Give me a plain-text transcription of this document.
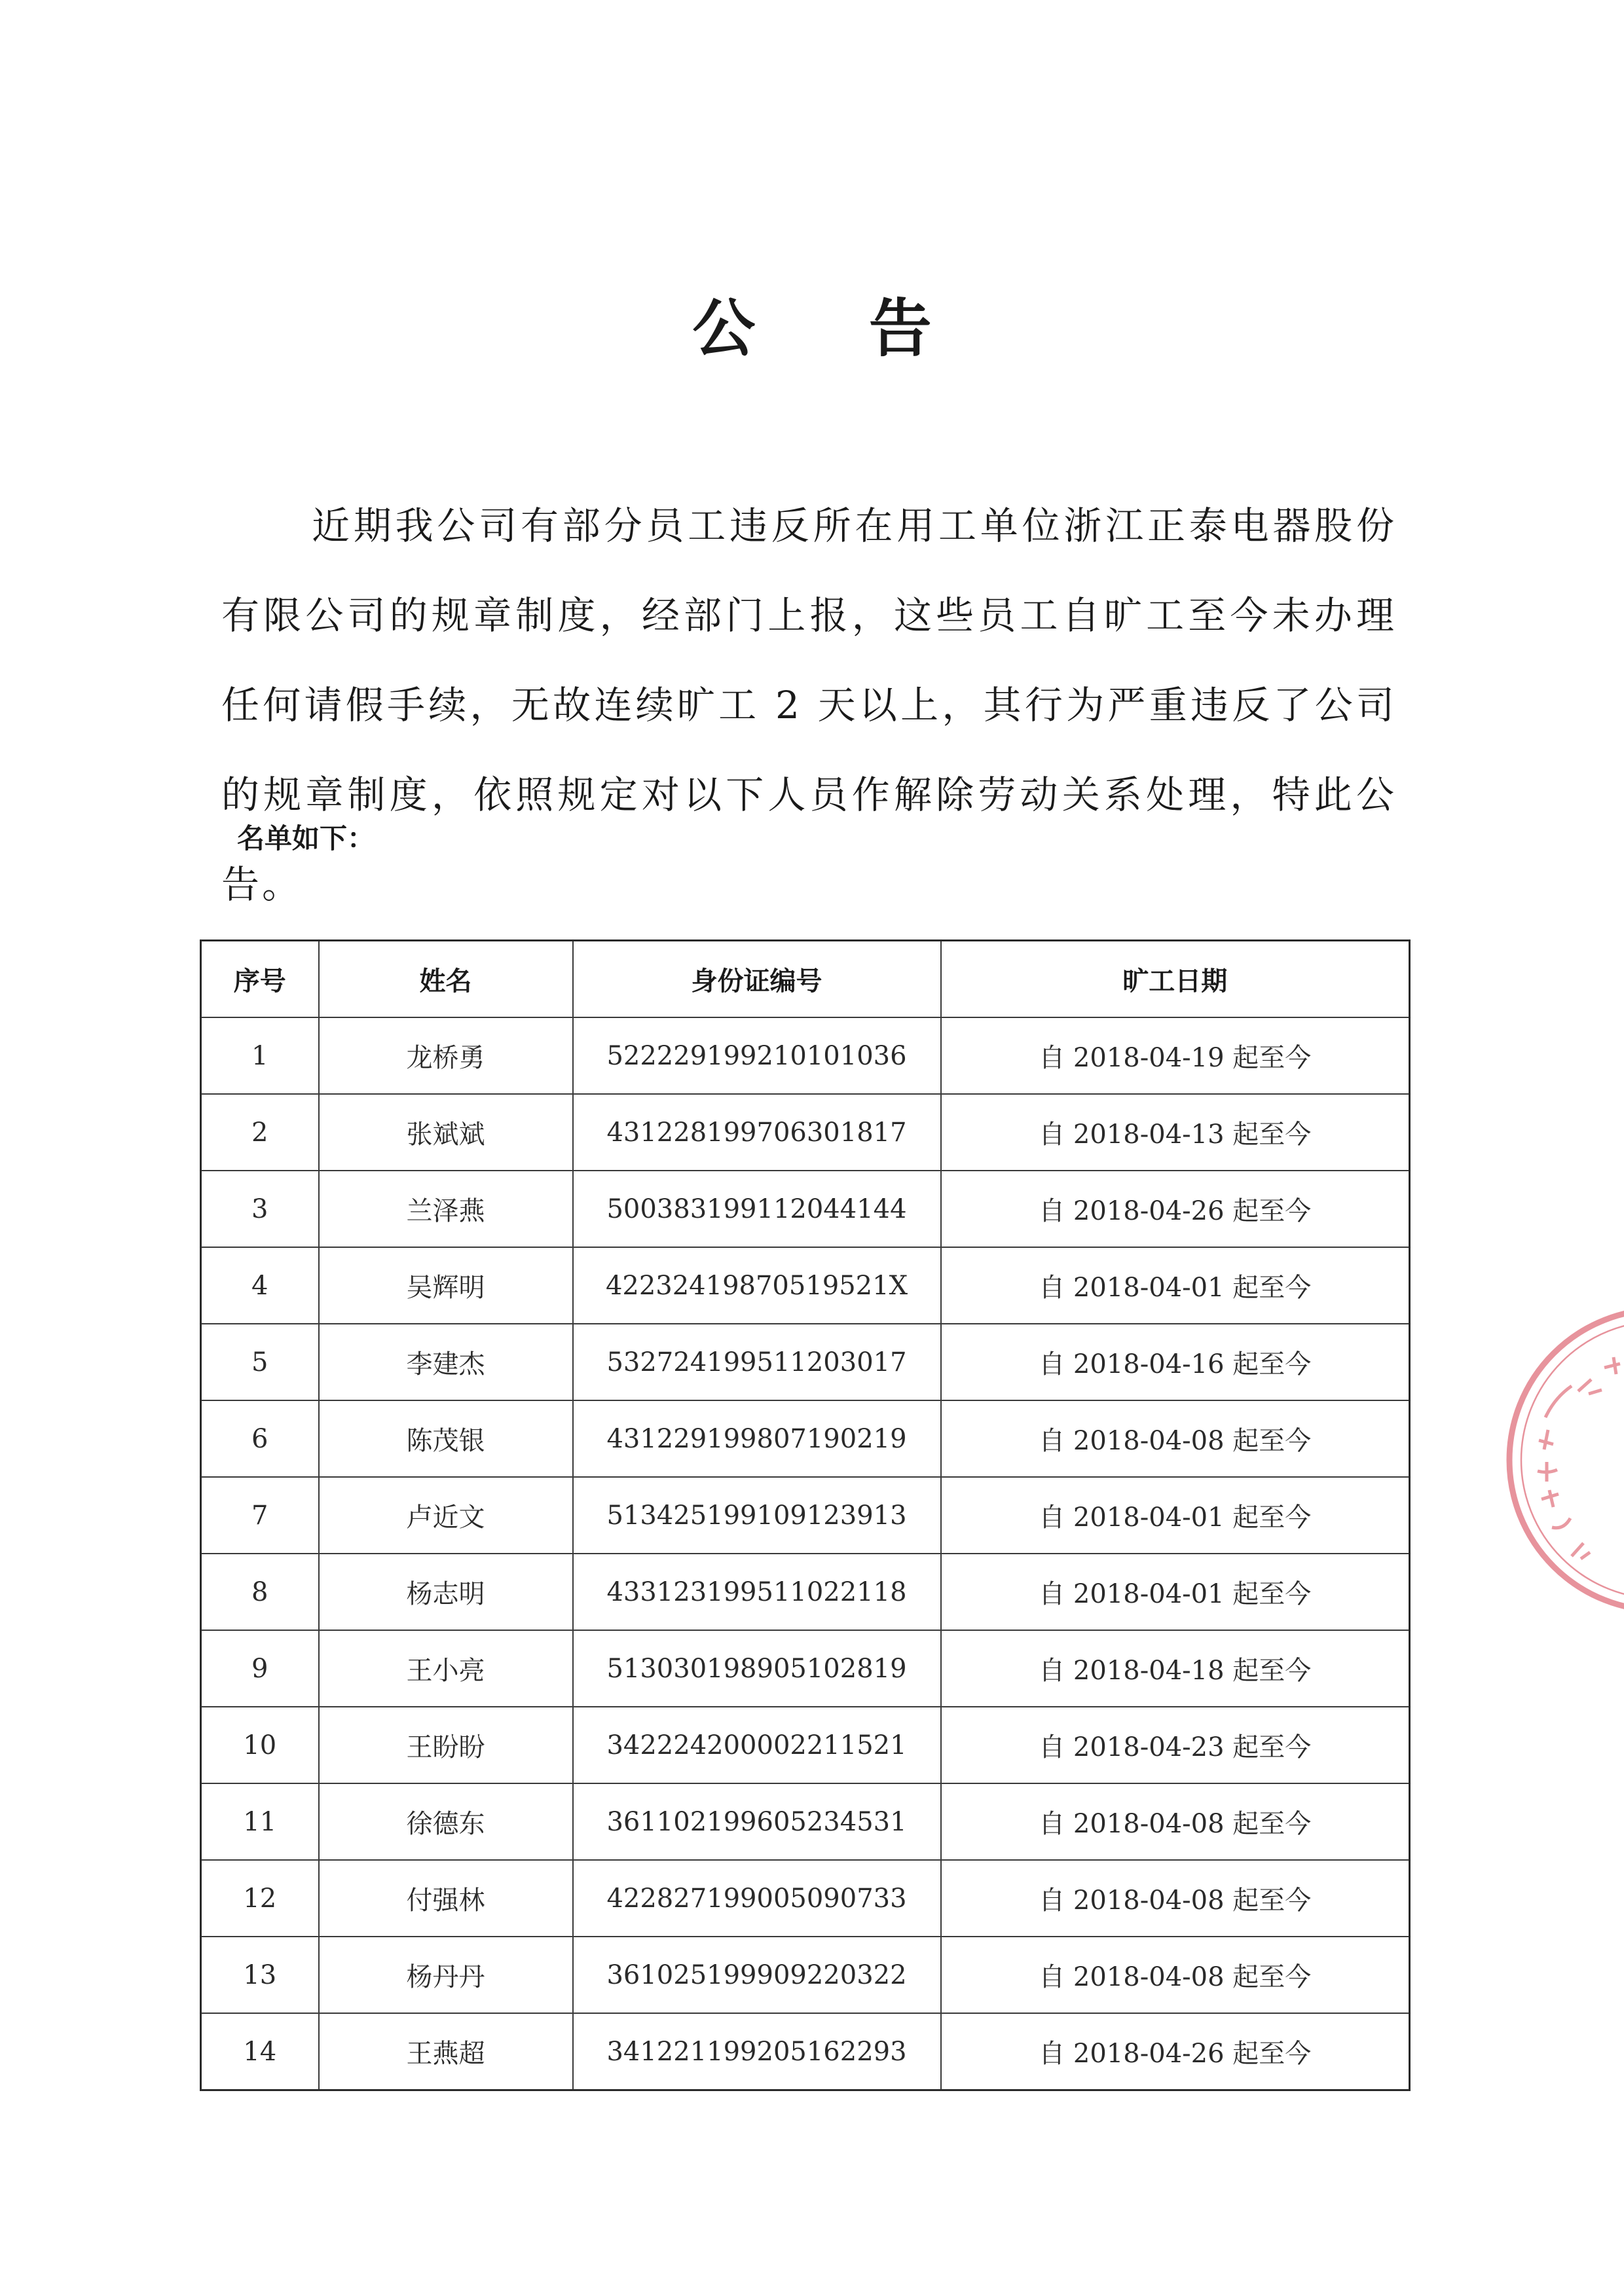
公 告

近期我公司有部分员工违反所在用工单位浙江正泰电器股份有限公司的规章制度，经部门上报，这些员工自旷工至今未办理任何请假手续，无故连续旷工 2 天以上，其行为严重违反了公司的规章制度，依照规定对以下人员作解除劳动关系处理，特此公告。

名单如下：
序号	姓名	身份证编号	旷工日期
1	龙桥勇	522229199210101036	自 2018-04-19 起至今
2	张斌斌	431228199706301817	自 2018-04-13 起至今
3	兰泽燕	500383199112044144	自 2018-04-26 起至今
4	吴辉明	42232419870519521X	自 2018-04-01 起至今
5	李建杰	532724199511203017	自 2018-04-16 起至今
6	陈茂银	431229199807190219	自 2018-04-08 起至今
7	卢近文	513425199109123913	自 2018-04-01 起至今
8	杨志明	433123199511022118	自 2018-04-01 起至今
9	王小亮	513030198905102819	自 2018-04-18 起至今
10	王盼盼	342224200002211521	自 2018-04-23 起至今
11	徐德东	361102199605234531	自 2018-04-08 起至今
12	付强林	422827199005090733	自 2018-04-08 起至今
13	杨丹丹	361025199909220322	自 2018-04-08 起至今
14	王燕超	341221199205162293	自 2018-04-26 起至今
